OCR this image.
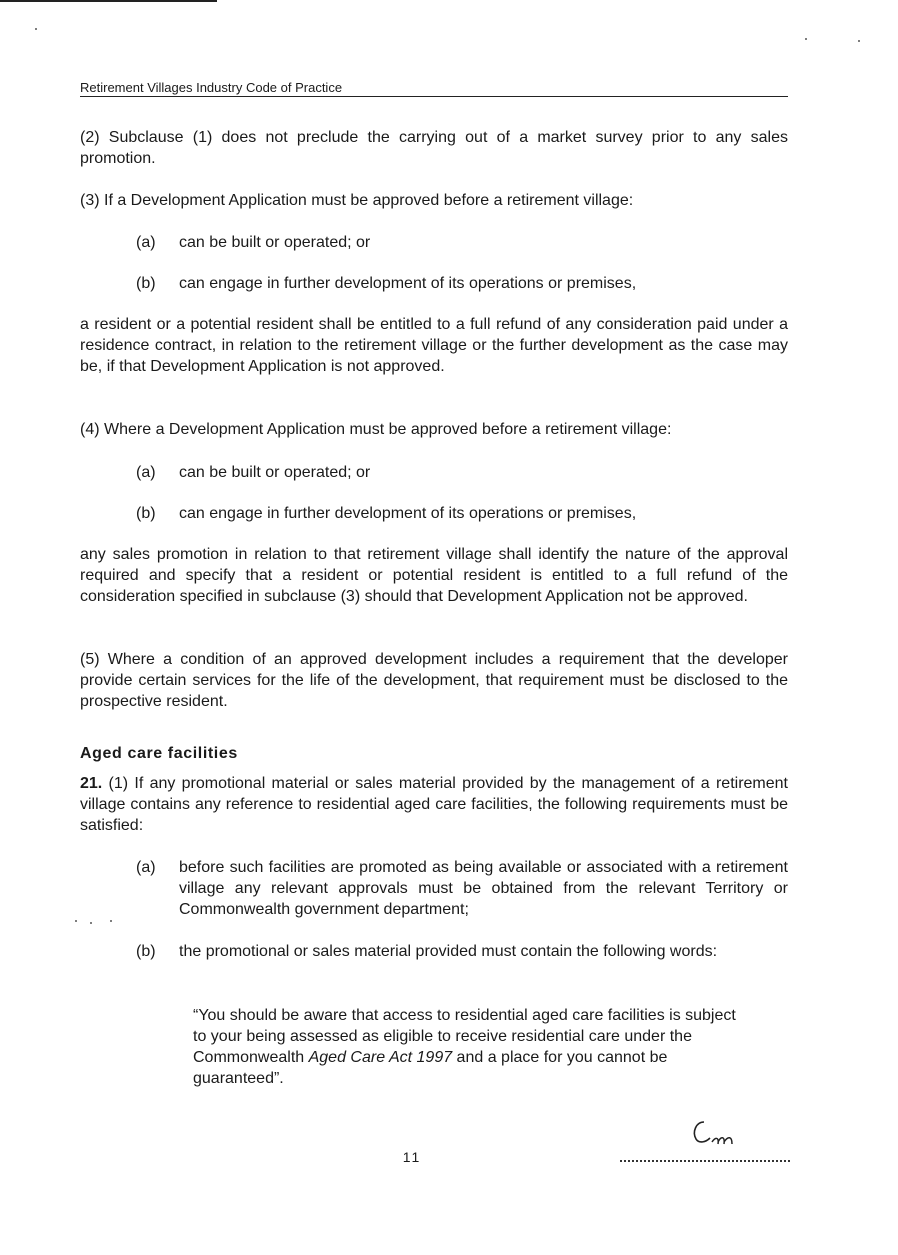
Retirement Villages Industry Code of Practice
(2) Subclause (1) does not preclude the carrying out of a market survey prior to any sales promotion.
(3) If a Development Application must be approved before a retirement village:
(a)	can be built or operated; or
(b)	can engage in further development of its operations or premises,
a resident or a potential resident shall be entitled to a full refund of any consideration paid under a residence contract, in relation to the retirement village or the further development as the case may be, if that Development Application is not approved.
(4) Where a Development Application must be approved before a retirement village:
(a)	can be built or operated; or
(b)	can engage in further development of its operations or premises,
any sales promotion in relation to that retirement village shall identify the nature of the approval required and specify that a resident or potential resident is entitled to a full refund of the consideration specified in subclause (3) should that Development Application not be approved.
(5) Where a condition of an approved development includes a requirement that the developer provide certain services for the life of the development, that requirement must be disclosed to the prospective resident.
Aged care facilities
21. (1) If any promotional material or sales material provided by the management of a retirement village contains any reference to residential aged care facilities, the following requirements must be satisfied:
(a)	before such facilities are promoted as being available or associated with a retirement village any relevant approvals must be obtained from the relevant Territory or Commonwealth government department;
(b)	the promotional or sales material provided must contain the following words:
“You should be aware that access to residential aged care facilities is subject to your being assessed as eligible to receive residential care under the Commonwealth Aged Care Act 1997 and a place for you cannot be guaranteed”.
11
